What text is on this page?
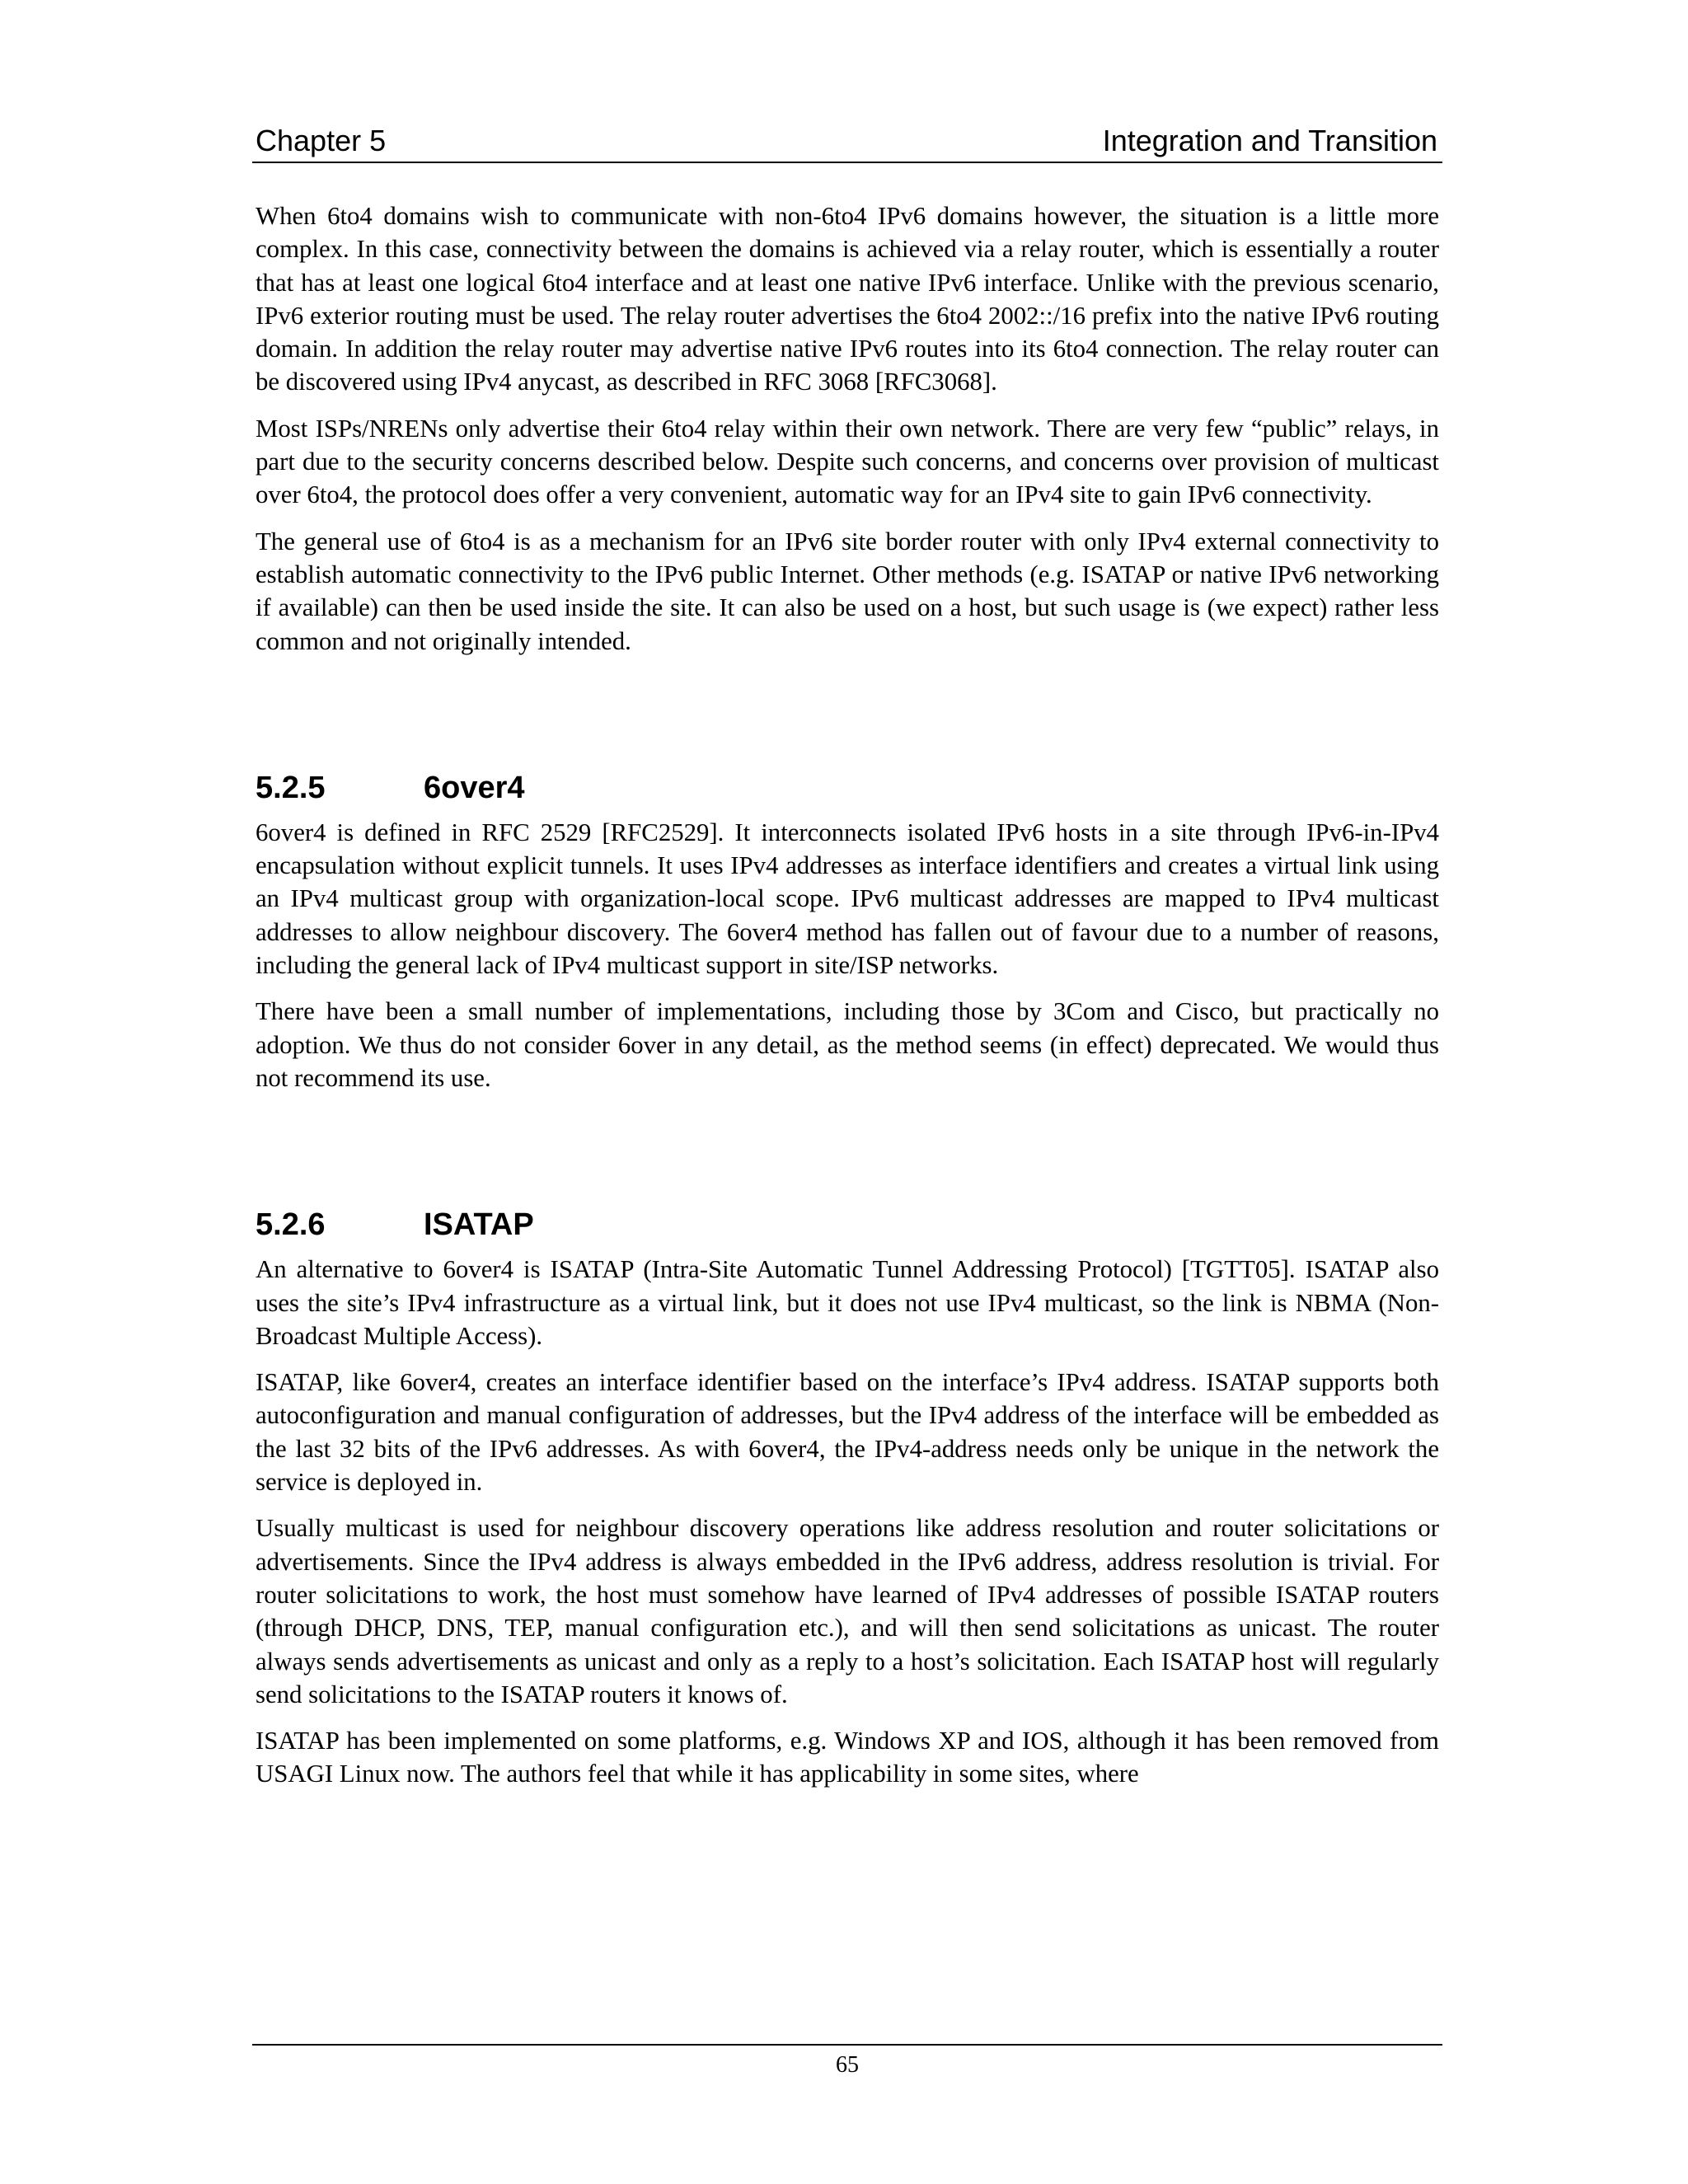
Chapter 5	Integration and Transition

When 6to4 domains wish to communicate with non-6to4 IPv6 domains however, the situation is a little more complex. In this case, connectivity between the domains is achieved via a relay router, which is essentially a router that has at least one logical 6to4 interface and at least one native IPv6 interface. Unlike with the previous scenario, IPv6 exterior routing must be used. The relay router advertises the 6to4 2002::/16 prefix into the native IPv6 routing domain. In addition the relay router may advertise native IPv6 routes into its 6to4 connection. The relay router can be discovered using IPv4 anycast, as described in RFC 3068 [RFC3068].

Most ISPs/NRENs only advertise their 6to4 relay within their own network. There are very few “public” relays, in part due to the security concerns described below. Despite such concerns, and concerns over provision of multicast over 6to4, the protocol does offer a very convenient, automatic way for an IPv4 site to gain IPv6 connectivity.

The general use of 6to4 is as a mechanism for an IPv6 site border router with only IPv4 external connectivity to establish automatic connectivity to the IPv6 public Internet. Other methods (e.g. ISATAP or native IPv6 networking if available) can then be used inside the site. It can also be used on a host, but such usage is (we expect) rather less common and not originally intended.

5.2.5	6over4

6over4 is defined in RFC 2529 [RFC2529]. It interconnects isolated IPv6 hosts in a site through IPv6-in-IPv4 encapsulation without explicit tunnels. It uses IPv4 addresses as interface identifiers and creates a virtual link using an IPv4 multicast group with organization-local scope. IPv6 multicast addresses are mapped to IPv4 multicast addresses to allow neighbour discovery. The 6over4 method has fallen out of favour due to a number of reasons, including the general lack of IPv4 multicast support in site/ISP networks.

There have been a small number of implementations, including those by 3Com and Cisco, but practically no adoption. We thus do not consider 6over in any detail, as the method seems (in effect) deprecated. We would thus not recommend its use.

5.2.6	ISATAP

An alternative to 6over4 is ISATAP (Intra-Site Automatic Tunnel Addressing Protocol) [TGTT05]. ISATAP also uses the site’s IPv4 infrastructure as a virtual link, but it does not use IPv4 multicast, so the link is NBMA (Non-Broadcast Multiple Access).

ISATAP, like 6over4, creates an interface identifier based on the interface’s IPv4 address. ISATAP supports both autoconfiguration and manual configuration of addresses, but the IPv4 address of the interface will be embedded as the last 32 bits of the IPv6 addresses. As with 6over4, the IPv4-address needs only be unique in the network the service is deployed in.

Usually multicast is used for neighbour discovery operations like address resolution and router solicitations or advertisements. Since the IPv4 address is always embedded in the IPv6 address, address resolution is trivial. For router solicitations to work, the host must somehow have learned of IPv4 addresses of possible ISATAP routers (through DHCP, DNS, TEP, manual configuration etc.), and will then send solicitations as unicast. The router always sends advertisements as unicast and only as a reply to a host’s solicitation. Each ISATAP host will regularly send solicitations to the ISATAP routers it knows of.

ISATAP has been implemented on some platforms, e.g. Windows XP and IOS, although it has been removed from USAGI Linux now. The authors feel that while it has applicability in some sites, where

65
